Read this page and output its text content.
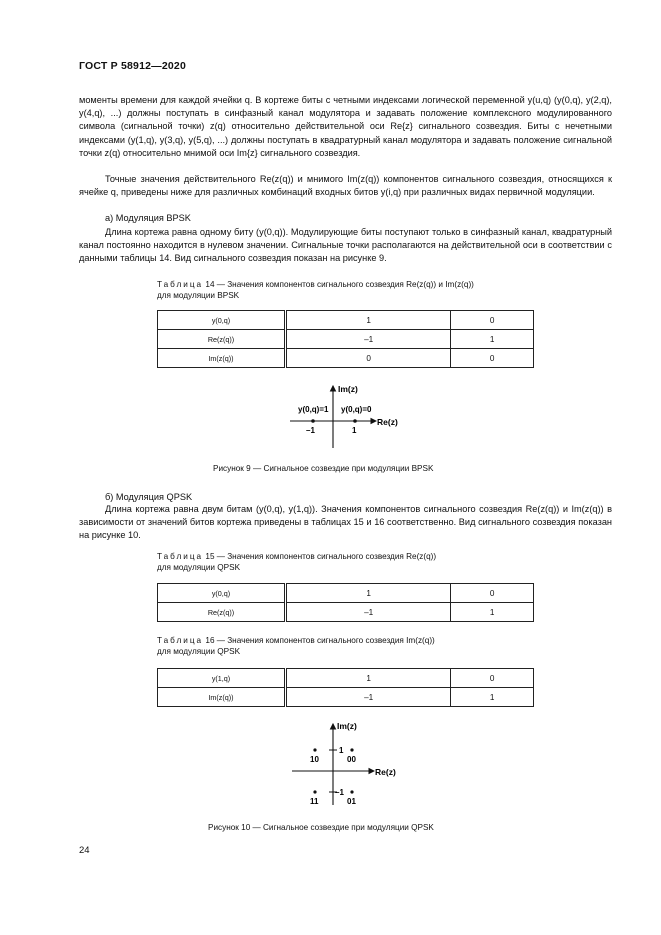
ГОСТ Р 58912—2020

моменты времени для каждой ячейки q. В кортеже биты с четными индексами логической переменной y(u,q) (y(0,q), y(2,q), y(4,q), ...) должны поступать в синфазный канал модулятора и задавать положение комплексного модулированного символа (сигнальной точки) z(q) относительно действительной оси Re{z} сигнального созвездия. Биты с нечетными индексами (y(1,q), y(3,q), y(5,q), ...) должны поступать в квадратурный канал модулятора и задавать положение сигнальной точки z(q) относительно мнимой оси Im{z} сигнального созвездия.

Точные значения действительного Re(z(q)) и мнимого Im(z(q)) компонентов сигнального созвездия, относящихся к ячейке q, приведены ниже для различных комбинаций входных битов y(i,q) при различных видах первичной модуляции.

а) Модуляция BPSK

Длина кортежа равна одному биту (y(0,q)). Модулирующие биты поступают только в синфазный канал, квадратурный канал постоянно находится в нулевом значении. Сигнальные точки располагаются на действительной оси в соответствии с данными таблицы 14. Вид сигнального созвездия показан на рисунке 9.

Таблица 14 — Значения компонентов сигнального созвездия Re(z(q)) и Im(z(q))
для модуляции BPSK
y(0,q)	1	0
Re(z(q))	–1	1
Im(z(q))	0	0
Im(z)
Re(z)
y(0,q)=1 y(0,q)=0
–1	1
Im(z)
Re(z)
10	00
11	01
1
–1
Рисунок 9 — Сигнальное созвездие при модуляции BPSK

б) Модуляция QPSK

Длина кортежа равна двум битам (y(0,q), y(1,q)). Значения компонентов сигнального созвездия Re(z(q)) и Im(z(q)) в зависимости от значений битов кортежа приведены в таблицах 15 и 16 соответственно. Вид сигнального созвездия показан на рисунке 10.

Таблица 15 — Значения компонентов сигнального созвездия Re(z(q))
для модуляции QPSK
y(0,q)	1	0
Re(z(q))	–1	1
Таблица 16 — Значения компонентов сигнального созвездия Im(z(q))
для модуляции QPSK
y(1,q)	1	0
Im(z(q))	–1	1
Рисунок 10 — Сигнальное созвездие при модуляции QPSK
24
